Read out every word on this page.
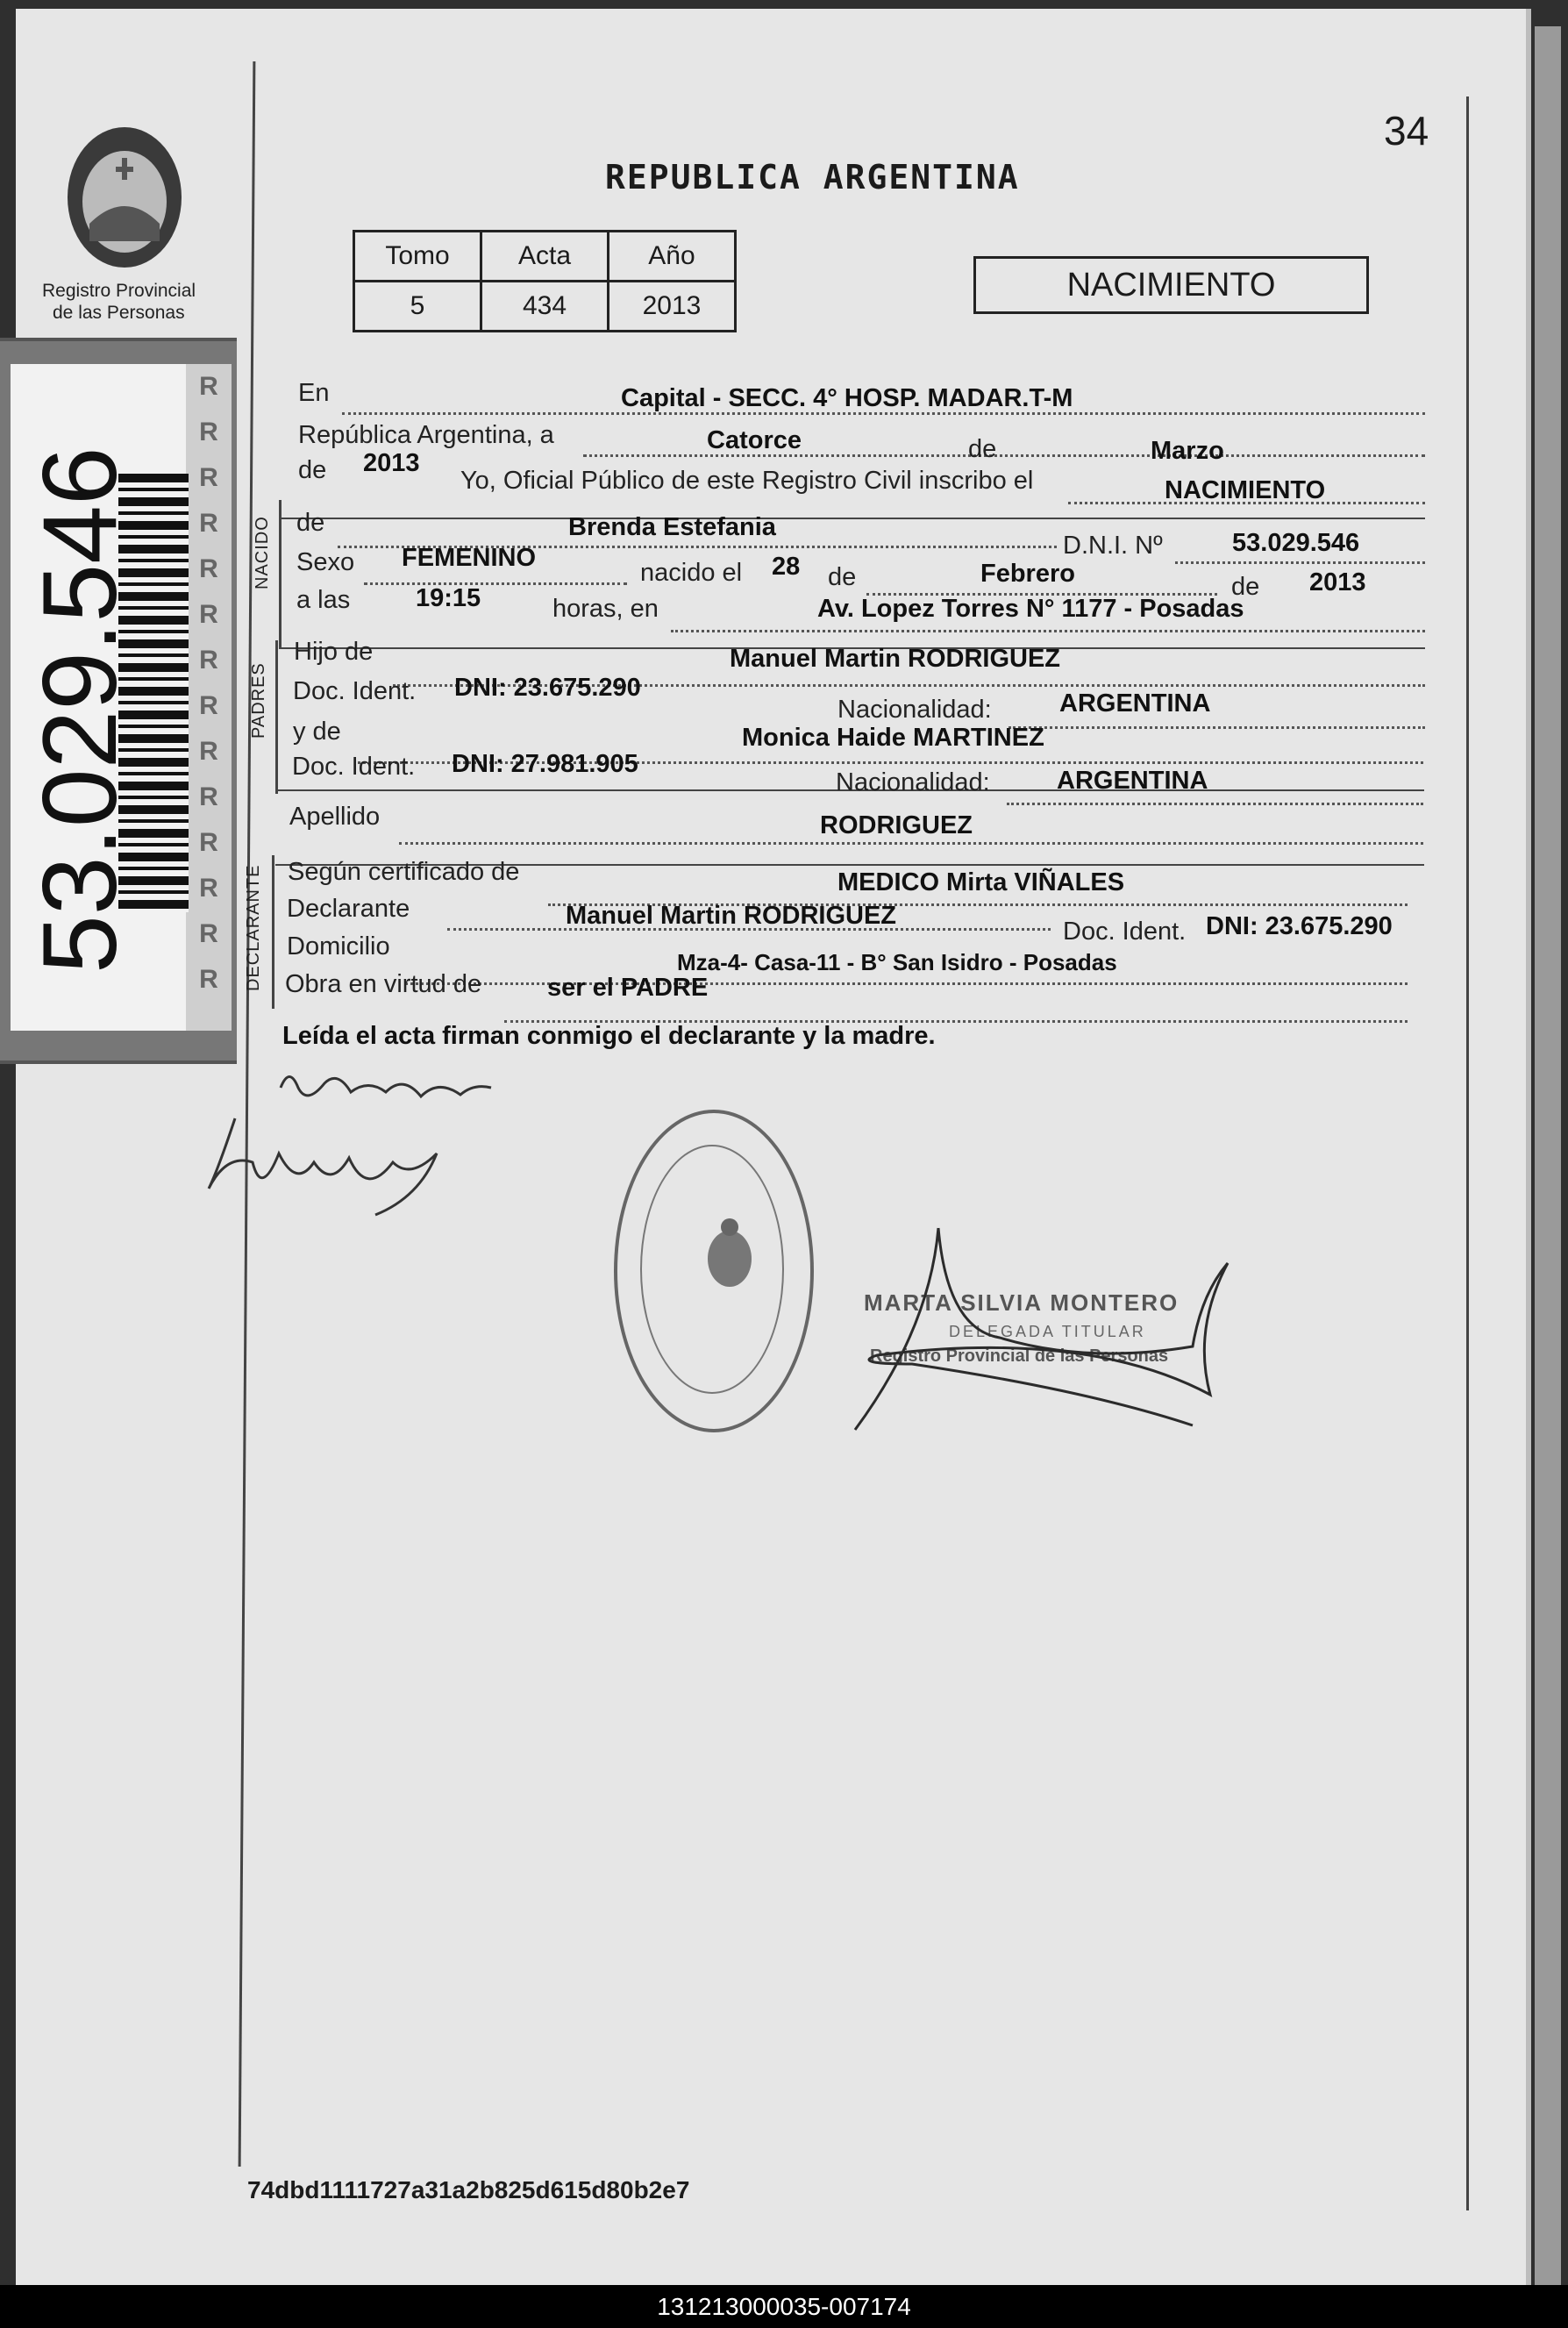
34
Registro Provincial
de las Personas
R
R
R
R
R
R
R
R
R
R
R
R
R
R
53.029.546
REPUBLICA ARGENTINA
Tomo	Acta	Año
5	434	2013
NACIMIENTO
NACIDO
PADRES
DECLARANTE
En	Capital - SECC. 4° HOSP. MADAR.T-M
República Argentina, a	Catorce	de	Marzo
de 2013
Yo, Oficial Público de este Registro Civil inscribo el	NACIMIENTO
de	Brenda Estefania
D.N.I. Nº	53.029.546
Sexo FEMENINO
nacido el 28 de	Febrero	de 2013
a las	19:15	horas, en	Av. Lopez Torres N° 1177 - Posadas
Hijo de	Manuel Martin RODRIGUEZ
Doc. Ident. DNI: 23.675.290
Nacionalidad:	ARGENTINA
y de	Monica Haide MARTINEZ
Doc. Ident. DNI: 27.981.905
Nacionalidad:	ARGENTINA
Apellido	RODRIGUEZ
Según certificado de	MEDICO Mirta VIÑALES
Declarante	Manuel Martin RODRIGUEZ
Doc. Ident. DNI: 23.675.290
Domicilio
Mza-4- Casa-11 - B° San Isidro - Posadas
Obra en virtud de	ser el PADRE
Leída el acta firman conmigo el declarante y la madre.
MARTA SILVIA MONTERO
DELEGADA TITULAR
Registro Provincial de las Personas
74dbd1111727a31a2b825d615d80b2e7
131213000035-007174
